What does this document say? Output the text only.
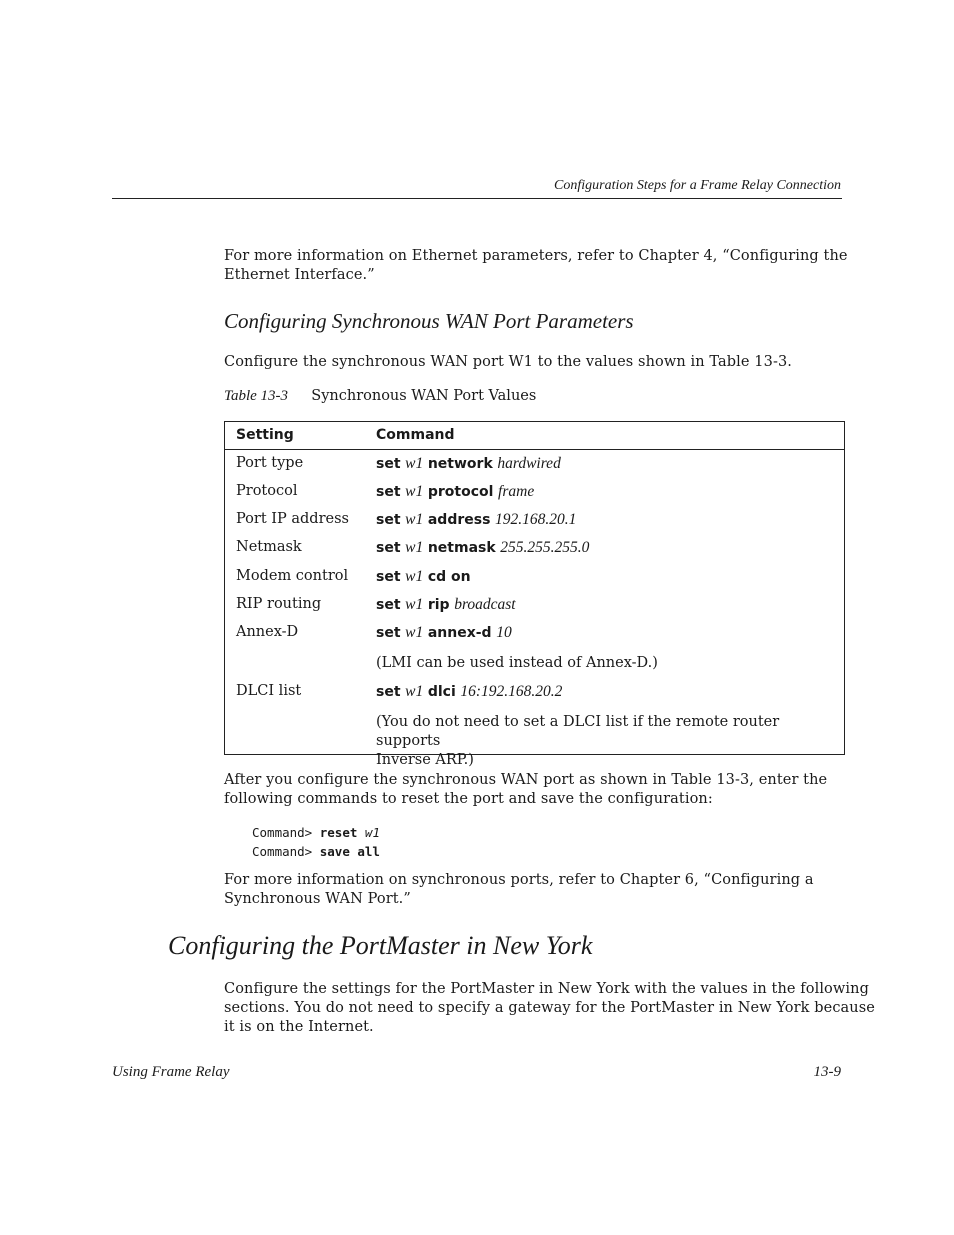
Configuration Steps for a Frame Relay Connection
For more information on Ethernet parameters, refer to Chapter 4, “Configuring the
Ethernet Interface.”
Configuring Synchronous WAN Port Parameters
Configure the synchronous WAN port W1 to the values shown in Table 13-3.
Table 13-3 Synchronous WAN Port Values
Setting	Command
Port type	set w1 network hardwired
Protocol	set w1 protocol frame
Port IP address set w1 address 192.168.20.1
Netmask	set w1 netmask 255.255.255.0
Modem control set w1 cd on
RIP routing	set w1 rip broadcast
Annex-D	set w1 annex-d 10
(LMI can be used instead of Annex-D.)
DLCI list	set w1 dlci 16:192.168.20.2
(You do not need to set a DLCI list if the remote router supports
Inverse ARP.)
After you configure the synchronous WAN port as shown in Table 13-3, enter the
following commands to reset the port and save the configuration:
Command> reset w1
Command> save all
For more information on synchronous ports, refer to Chapter 6, “Configuring a
Synchronous WAN Port.”
Configuring the PortMaster in New York
Configure the settings for the PortMaster in New York with the values in the following
sections. You do not need to specify a gateway for the PortMaster in New York because
it is on the Internet.
Using Frame Relay	13-9
